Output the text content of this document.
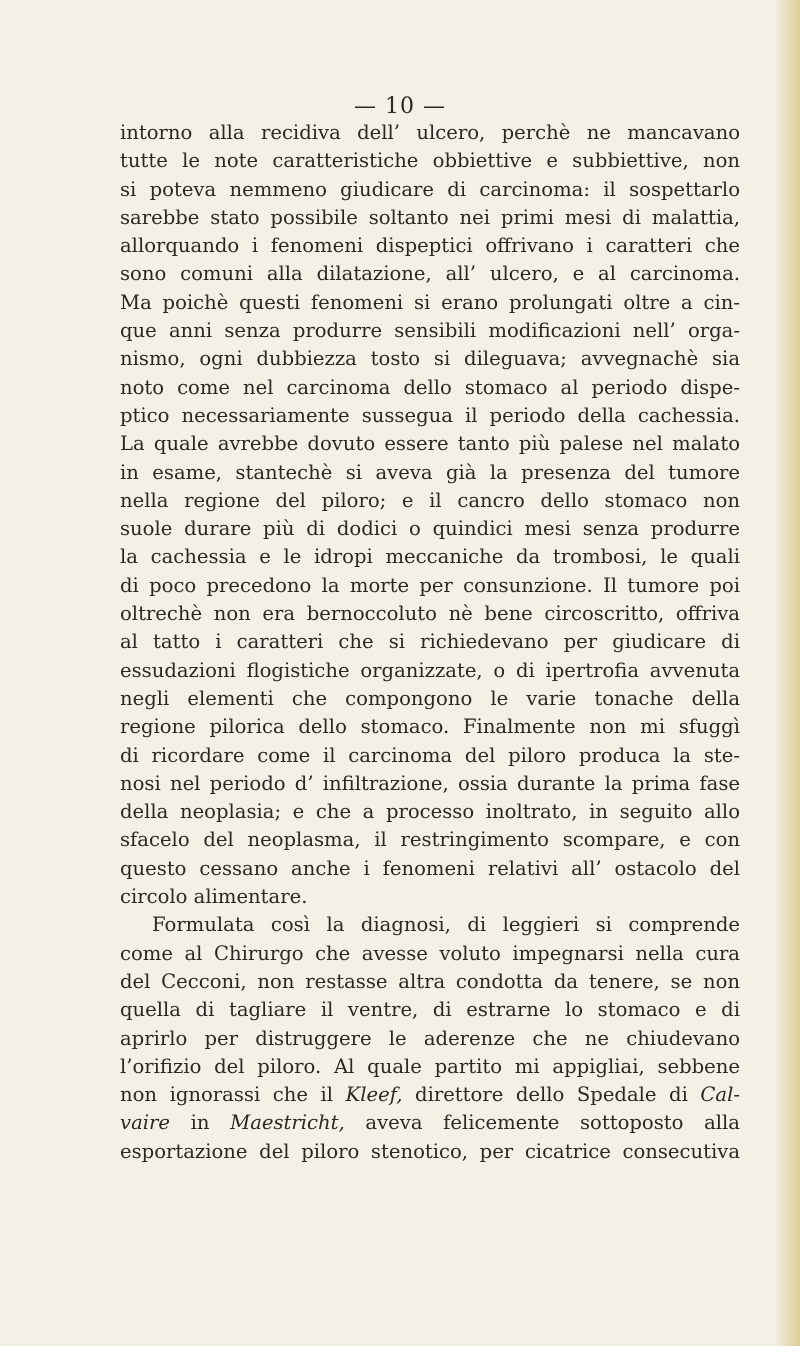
— 10 —
intorno alla recidiva dell’ ulcero, perchè ne mancavano
tutte le note caratteristiche obbiettive e subbiettive, non
si poteva nemmeno giudicare di carcinoma: il sospettarlo
sarebbe stato possibile soltanto nei primi mesi di malattia,
allorquando i fenomeni dispeptici offrivano i caratteri che
sono comuni alla dilatazione, all’ ulcero, e al carcinoma.
Ma poichè questi fenomeni si erano prolungati oltre a cin-
que anni senza produrre sensibili modificazioni nell’ orga-
nismo, ogni dubbiezza tosto si dileguava; avvegnachè sia
noto come nel carcinoma dello stomaco al periodo dispe-
ptico necessariamente sussegua il periodo della cachessia.
La quale avrebbe dovuto essere tanto più palese nel malato
in esame, stantechè si aveva già la presenza del tumore
nella regione del piloro; e il cancro dello stomaco non
suole durare più di dodici o quindici mesi senza produrre
la cachessia e le idropi meccaniche da trombosi, le quali
di poco precedono la morte per consunzione. Il tumore poi
oltrechè non era bernoccoluto nè bene circoscritto, offriva
al tatto i caratteri che si richiedevano per giudicare di
essudazioni flogistiche organizzate, o di ipertrofia avvenuta
negli elementi che compongono le varie tonache della
regione pilorica dello stomaco. Finalmente non mi sfuggì
di ricordare come il carcinoma del piloro produca la ste-
nosi nel periodo d’ infiltrazione, ossia durante la prima fase
della neoplasia; e che a processo inoltrato, in seguito allo
sfacelo del neoplasma, il restringimento scompare, e con
questo cessano anche i fenomeni relativi all’ ostacolo del
circolo alimentare.
Formulata così la diagnosi, di leggieri si comprende
come al Chirurgo che avesse voluto impegnarsi nella cura
del Cecconi, non restasse altra condotta da tenere, se non
quella di tagliare il ventre, di estrarne lo stomaco e di
aprirlo per distruggere le aderenze che ne chiudevano
l’orifizio del piloro. Al quale partito mi appigliai, sebbene
non ignorassi che il Kleef, direttore dello Spedale di Cal-
vaire in Maestricht, aveva felicemente sottoposto alla
esportazione del piloro stenotico, per cicatrice consecutiva
